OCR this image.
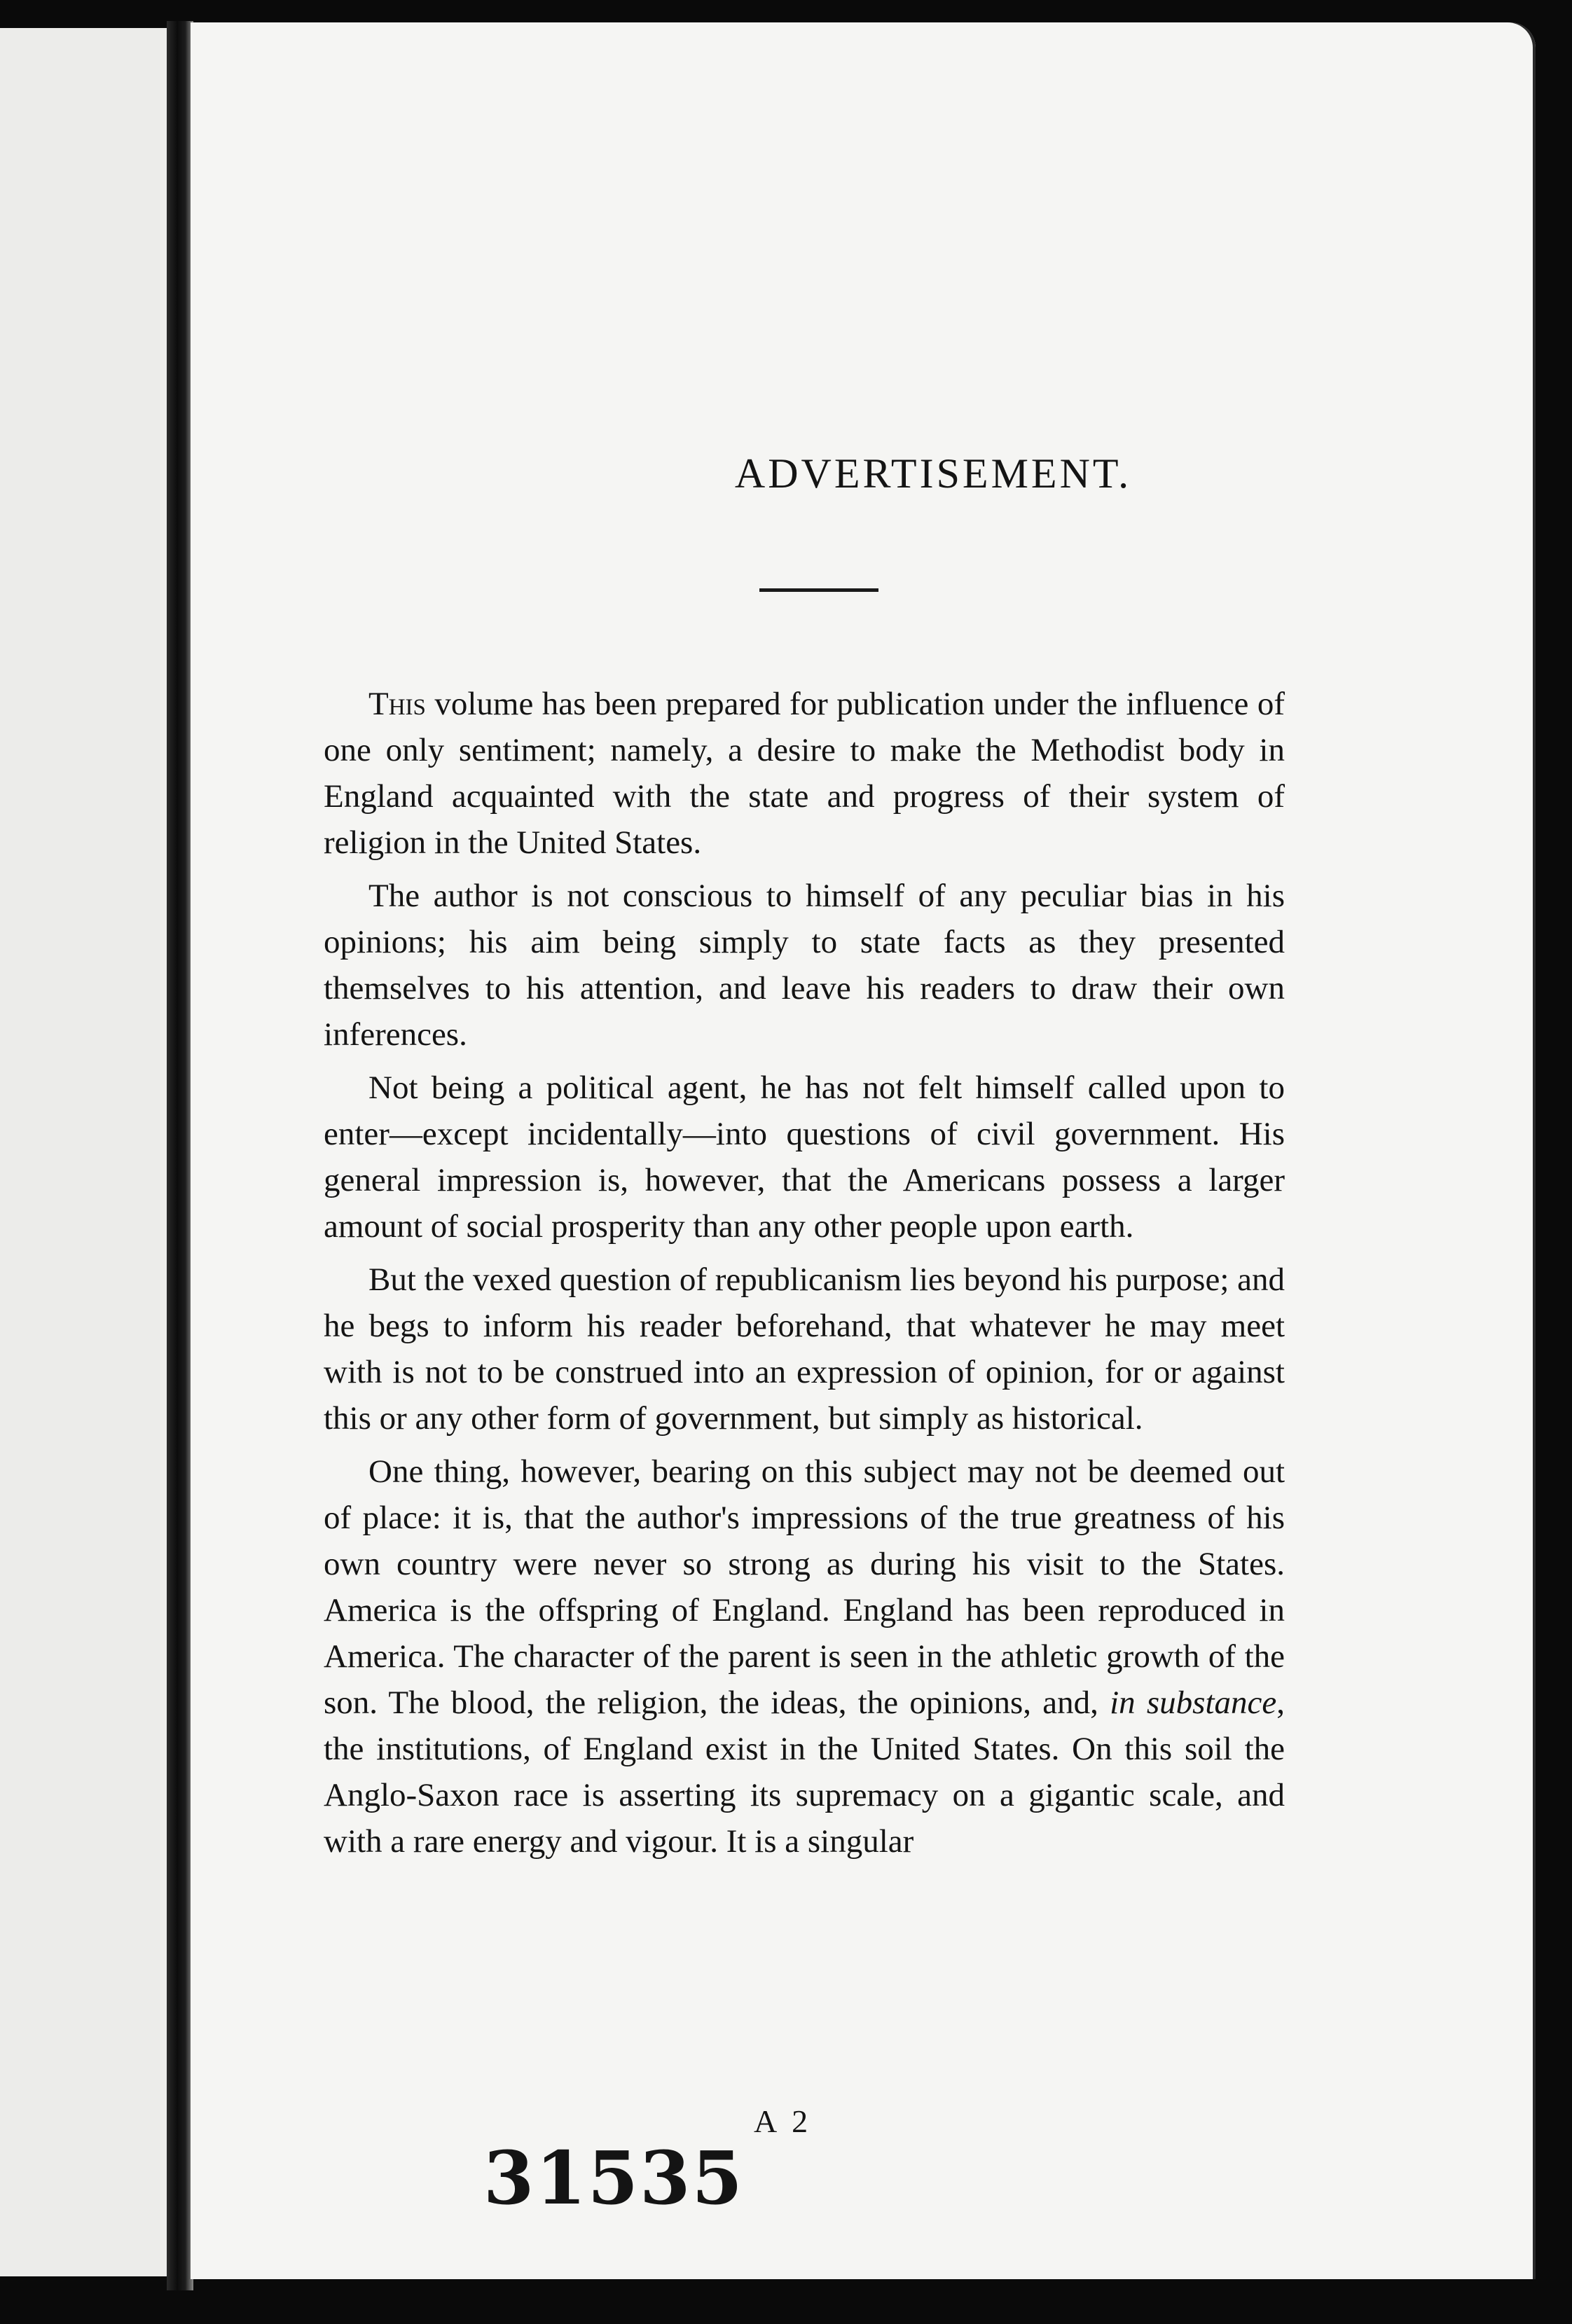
ADVERTISEMENT.

This volume has been prepared for publication under the influence of one only sentiment; namely, a desire to make the Methodist body in England acquainted with the state and progress of their system of religion in the United States.

The author is not conscious to himself of any peculiar bias in his opinions; his aim being simply to state facts as they presented themselves to his attention, and leave his readers to draw their own inferences.

Not being a political agent, he has not felt himself called upon to enter—except incidentally—into questions of civil government. His general impression is, however, that the Americans possess a larger amount of social prosperity than any other people upon earth.

But the vexed question of republicanism lies beyond his purpose; and he begs to inform his reader beforehand, that whatever he may meet with is not to be construed into an expression of opinion, for or against this or any other form of government, but simply as historical.

One thing, however, bearing on this subject may not be deemed out of place: it is, that the author's impressions of the true greatness of his own country were never so strong as during his visit to the States. America is the offspring of England. England has been reproduced in America. The character of the parent is seen in the athletic growth of the son. The blood, the religion, the ideas, the opinions, and, in substance, the institutions, of England exist in the United States. On this soil the Anglo-Saxon race is asserting its supremacy on a gigantic scale, and with a rare energy and vigour. It is a singular

A 2
31535
